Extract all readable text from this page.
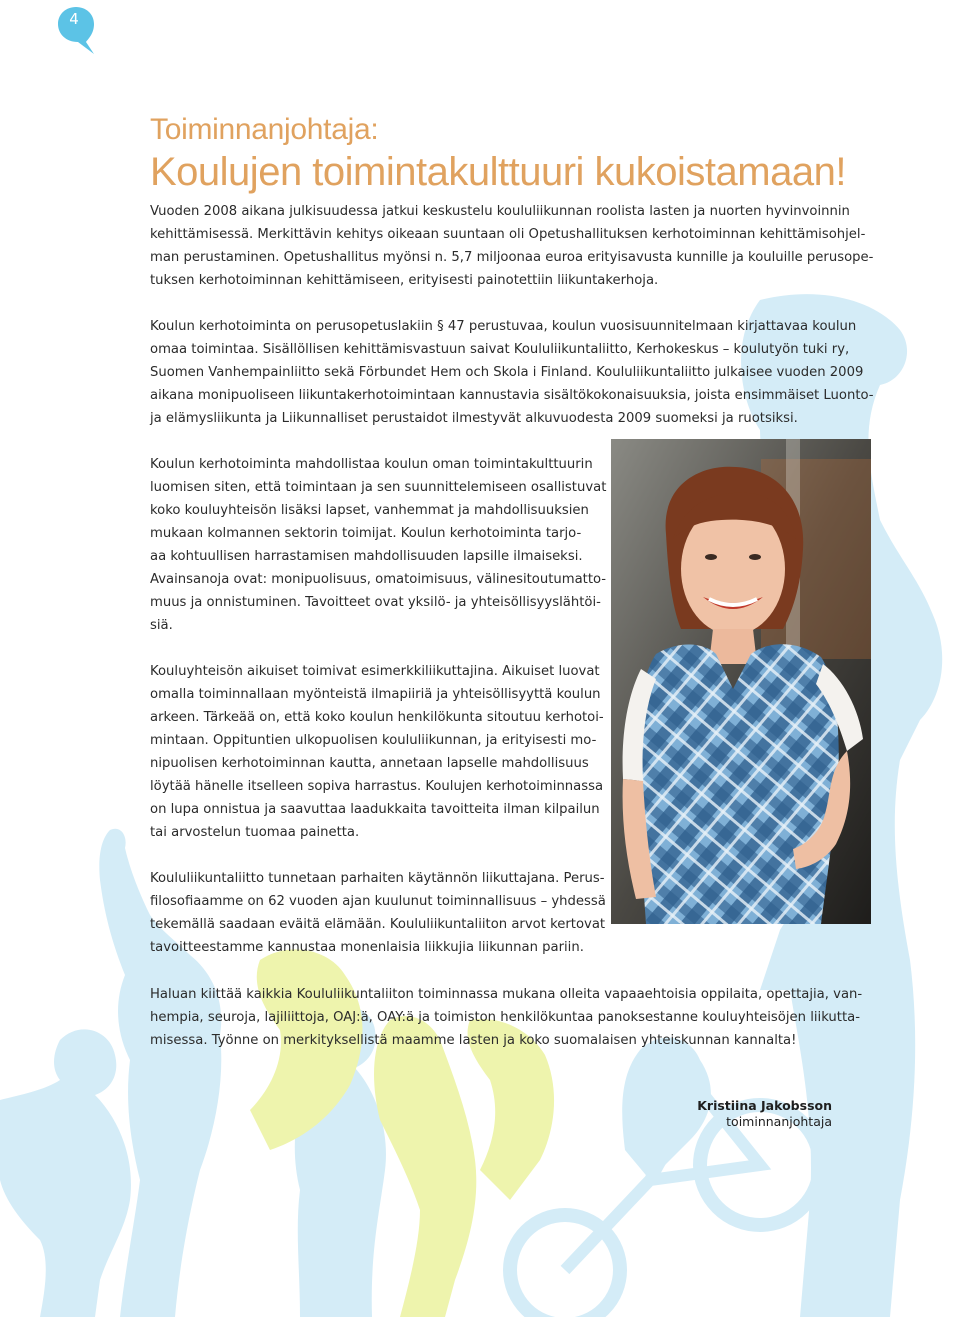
4
Toiminnanjohtaja:
Koulujen toimintakulttuuri kukoistamaan!
Vuoden 2008 aikana julkisuudessa jatkui keskustelu koululiikunnan roolista lasten ja nuorten hyvinvoinnin
kehittämisessä. Merkittävin kehitys oikeaan suuntaan oli Opetushallituksen kerhotoiminnan kehittämisohjel-
man perustaminen. Opetushallitus myönsi n. 5,7 miljoonaa euroa erityisavusta kunnille ja kouluille perusope-
tuksen kerhotoiminnan kehittämiseen, erityisesti painotettiin liikuntakerhoja.
Koulun kerhotoiminta on perusopetuslakiin § 47 perustuvaa, koulun vuosisuunnitelmaan kirjattavaa koulun
omaa toimintaa. Sisällöllisen kehittämisvastuun saivat Koululiikuntaliitto, Kerhokeskus – koulutyön tuki ry,
Suomen Vanhempainliitto sekä Förbundet Hem och Skola i Finland. Koululiikuntaliitto julkaisee vuoden 2009
aikana monipuoliseen liikuntakerhotoimintaan kannustavia sisältökokonaisuuksia, joista ensimmäiset Luonto-
ja elämysliikunta ja Liikunnalliset perustaidot ilmestyvät alkuvuodesta 2009 suomeksi ja ruotsiksi.
Koulun kerhotoiminta mahdollistaa koulun oman toimintakulttuurin
luomisen siten, että toimintaan ja sen suunnittelemiseen osallistuvat
koko kouluyhteisön lisäksi lapset, vanhemmat ja mahdollisuuksien
mukaan kolmannen sektorin toimijat. Koulun kerhotoiminta tarjo-
aa kohtuullisen harrastamisen mahdollisuuden lapsille ilmaiseksi.
Avainsanoja ovat: monipuolisuus, omatoimisuus, välinesitoutumatto-
muus ja onnistuminen. Tavoitteet ovat yksilö- ja yhteisöllisyyslähtöi-
siä.
Kouluyhteisön aikuiset toimivat esimerkkiliikuttajina. Aikuiset luovat
omalla toiminnallaan myönteistä ilmapiiriä ja yhteisöllisyyttä koulun
arkeen. Tärkeää on, että koko koulun henkilökunta sitoutuu kerhotoi-
mintaan. Oppituntien ulkopuolisen koululiikunnan, ja erityisesti mo-
nipuolisen kerhotoiminnan kautta, annetaan lapselle mahdollisuus
löytää hänelle itselleen sopiva harrastus. Koulujen kerhotoiminnassa
on lupa onnistua ja saavuttaa laadukkaita tavoitteita ilman kilpailun
tai arvostelun tuomaa painetta.
Koululiikuntaliitto tunnetaan parhaiten käytännön liikuttajana. Perus-
filosofiaamme on 62 vuoden ajan kuulunut toiminnallisuus – yhdessä
tekemällä saadaan eväitä elämään. Koululiikuntaliiton arvot kertovat
tavoitteestamme kannustaa monenlaisia liikkujia liikunnan pariin.
Haluan kiittää kaikkia Koululiikuntaliiton toiminnassa mukana olleita vapaaehtoisia oppilaita, opettajia, van-
hempia, seuroja, lajiliittoja, OAJ:ä, OAY:ä ja toimiston henkilökuntaa panoksestanne kouluyhteisöjen liikutta-
misessa. Työnne on merkityksellistä maamme lasten ja koko suomalaisen yhteiskunnan kannalta!
Kristiina Jakobsson
toiminnanjohtaja
